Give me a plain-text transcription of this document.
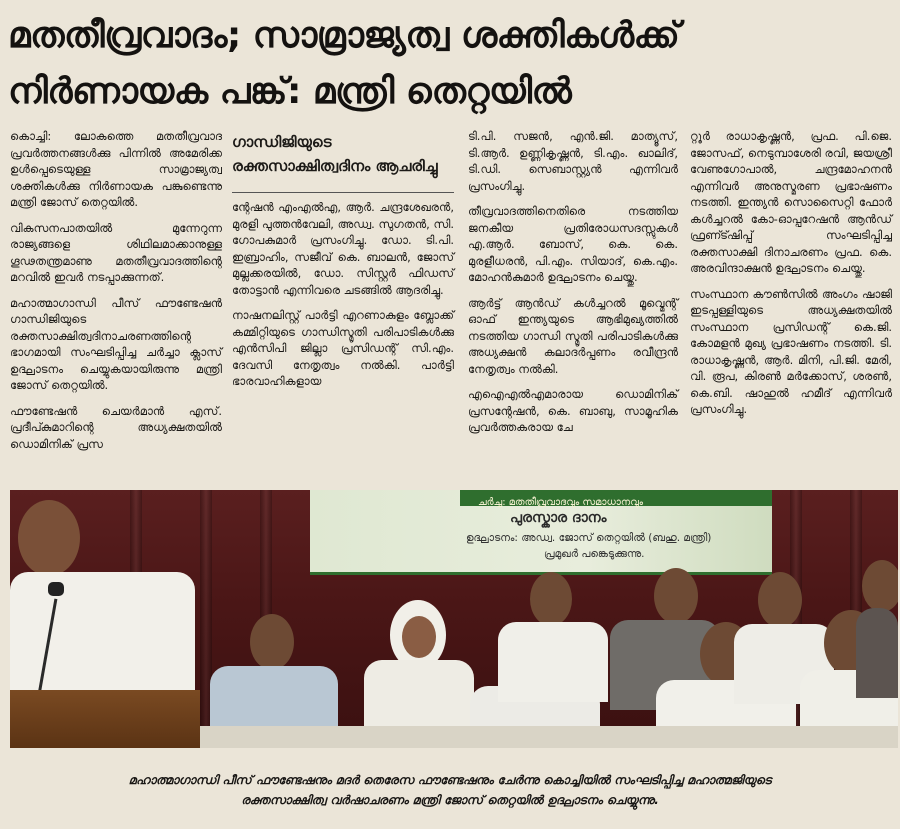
മതതീവ്രവാദം; സാമ്രാജ്യത്വ ശക്തികൾക്ക്
നിർണായക പങ്ക്: മന്ത്രി തെറ്റയിൽ

കൊച്ചി: ലോകത്തെ മതതീവ്രവാദ പ്രവർത്തനങ്ങൾക്കു പിന്നിൽ അമേരിക്ക ഉൾപ്പെടെയുള്ള സാമ്രാജ്യത്വ ശക്തികൾക്കു നിർണായക പങ്കുണ്ടെന്നു മന്ത്രി ജോസ് തെറ്റയിൽ.

വികസനപാതയിൽ മുന്നേറുന്ന രാജ്യങ്ങളെ ശിഥിലമാക്കാനുള്ള ഗൂഢതന്ത്രമാണു മതതീവ്രവാദത്തിന്റെ മറവിൽ ഇവർ നടപ്പാക്കുന്നത്.

മഹാത്മാഗാന്ധി പീസ് ഫൗണ്ടേഷൻ ഗാന്ധിജിയുടെ രക്തസാക്ഷിത്വദിനാചരണത്തിന്റെ ഭാഗമായി സംഘടിപ്പിച്ച ചർച്ചാ ക്ലാസ് ഉദ്ഘാടനം ചെയ്യുകയായിരുന്നു മന്ത്രി ജോസ് തെറ്റയിൽ.

ഫൗണ്ടേഷൻ ചെയർമാൻ എസ്. പ്രദീപ്കുമാറിന്റെ അധ്യക്ഷതയിൽ ഡൊമിനിക് പ്രസ

ഗാന്ധിജിയുടെ രക്തസാക്ഷിത്വദിനം ആചരിച്ചു

ന്റേഷൻ എംഎൽഎ, ആർ. ചന്ദ്രശേഖരൻ, മുരളി പുത്തൻവേലി, അഡ്വ. സുഗതൻ, സി. ഗോപകുമാർ പ്രസംഗിച്ചു. ഡോ. ടി.പി. ഇബ്രാഹിം, സജീവ് കെ. ബാലൻ, ജോസ് മുല്ലക്കരയിൽ, ഡോ. സിസ്റ്റർ ഫിഡസ് തോട്ടാൻ എന്നിവരെ ചടങ്ങിൽ ആദരിച്ചു.

നാഷനലിസ്റ്റ് പാർട്ടി എറണാകുളം ബ്ലോക്ക് കമ്മിറ്റിയുടെ ഗാന്ധിസ്മൃതി പരിപാടികൾക്കു എൻസിപി ജില്ലാ പ്രസിഡന്റ് സി.എം. ദേവസി നേതൃത്വം നൽകി. പാർട്ടി ഭാരവാഹികളായ

ടി.പി. സജൻ, എൻ.ജി. മാത്യൂസ്, ടി.ആർ. ഉണ്ണികൃഷ്ണൻ, ടി.എം. ഖാലിദ്, ടി.ഡി. സെബാസ്റ്റ്യൻ എന്നിവർ പ്രസംഗിച്ചു.

തീവ്രവാദത്തിനെതിരെ നടത്തിയ ജനകീയ പ്രതിരോധസദസ്സുകൾ എ.ആർ. ബോസ്, കെ. കെ. മുരളീധരൻ, പി.എം. സിയാദ്, കെ.എം. മോഹൻകുമാർ ഉദ്ഘാടനം ചെയ്തു.

ആർട്ട് ആൻഡ് കൾച്ചറൽ മൂവ്മെന്റ് ഓഫ് ഇന്ത്യയുടെ ആഭിമുഖ്യത്തിൽ നടത്തിയ ഗാന്ധി സ്മൃതി പരിപാടികൾക്കു അധ്യക്ഷൻ കലാദർപ്പണം രവീന്ദ്രൻ നേതൃത്വം നൽകി.

എഐഎൽഎമാരായ ഡൊമിനിക് പ്രസന്റേഷൻ, കെ. ബാബു, സാമൂഹിക പ്രവർത്തകരായ ചേ

റ്റൂർ രാധാകൃഷ്ണൻ, പ്രഫ. പി.ജെ. ജോസഫ്, നെടുമ്പാശേരി രവി, ജയശ്രീ വേണുഗോപാൽ, ചന്ദ്രമോഹനൻ എന്നിവർ അനുസ്മരണ പ്രഭാഷണം നടത്തി. ഇന്ത്യൻ സൊസൈറ്റി ഫോർ കൾച്ചറൽ കോ-ഓപ്പറേഷൻ ആൻഡ് ഫ്രണ്ട്ഷിപ്പ് സംഘടിപ്പിച്ച രക്തസാക്ഷി ദിനാചരണം പ്രഫ. കെ. അരവിന്ദാക്ഷൻ ഉദ്ഘാടനം ചെയ്തു.

സംസ്ഥാന കൗൺസിൽ അംഗം ഷാജി ഇടപ്പള്ളിയുടെ അധ്യക്ഷതയിൽ സംസ്ഥാന പ്രസിഡന്റ് കെ.ജി. കോമളൻ മുഖ്യ പ്രഭാഷണം നടത്തി. ടി. രാധാകൃഷ്ണൻ, ആർ. മിനി, പി.ജി. മേരി, വി. രൂപ, കിരൺ മർക്കോസ്, ശരൺ, കെ.ബി. ഷാഹുൽ ഹമീദ് എന്നിവർ പ്രസംഗിച്ചു.

ചർച്ച: മതതീവ്രവാദവും സമാധാനവും
പുരസ്കാര ദാനം
ഉദ്ഘാടനം: അഡ്വ. ജോസ് തെറ്റയിൽ (ബഹു. മന്ത്രി)
പ്രമുഖർ പങ്കെടുക്കുന്നു.
മഹാത്മാഗാന്ധി പീസ് ഫൗണ്ടേഷനും മദർ തെരേസ ഫൗണ്ടേഷനും ചേർന്നു കൊച്ചിയിൽ സംഘടിപ്പിച്ച മഹാത്മജിയുടെ
രക്തസാക്ഷിത്വ വർഷാചരണം മന്ത്രി ജോസ് തെറ്റയിൽ ഉദ്ഘാടനം ചെയ്യുന്നു.
